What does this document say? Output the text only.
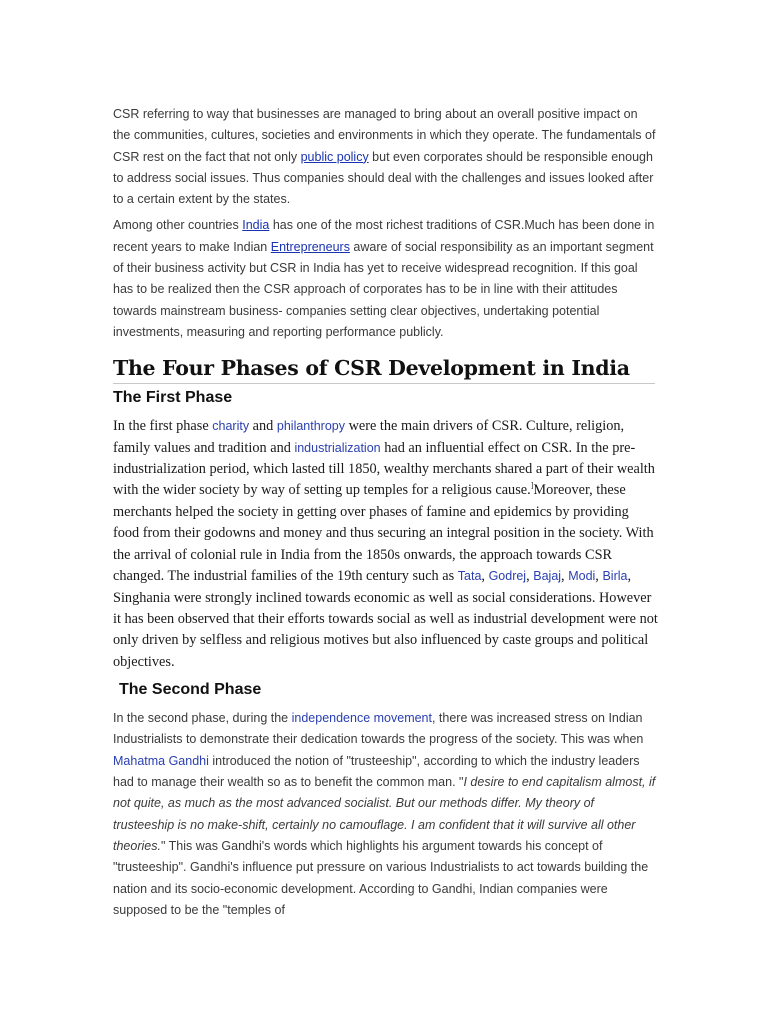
CSR referring to way that businesses are managed to bring about an overall positive impact on the communities, cultures, societies and environments in which they operate. The fundamentals of CSR rest on the fact that not only public policy but even corporates should be responsible enough to address social issues. Thus companies should deal with the challenges and issues looked after to a certain extent by the states.

Among other countries India has one of the most richest traditions of CSR.Much has been done in recent years to make Indian Entrepreneurs aware of social responsibility as an important segment of their business activity but CSR in India has yet to receive widespread recognition. If this goal has to be realized then the CSR approach of corporates has to be in line with their attitudes towards mainstream business- companies setting clear objectives, undertaking potential investments, measuring and reporting performance publicly.

The Four Phases of CSR Development in India
The First Phase

In the first phase charity and philanthropy were the main drivers of CSR. Culture, religion, family values and tradition and industrialization had an influential effect on CSR. In the pre-industrialization period, which lasted till 1850, wealthy merchants shared a part of their wealth with the wider society by way of setting up temples for a religious cause.]Moreover, these merchants helped the society in getting over phases of famine and epidemics by providing food from their godowns and money and thus securing an integral position in the society. With the arrival of colonial rule in India from the 1850s onwards, the approach towards CSR changed. The industrial families of the 19th century such as Tata, Godrej, Bajaj, Modi, Birla, Singhania were strongly inclined towards economic as well as social considerations. However it has been observed that their efforts towards social as well as industrial development were not only driven by selfless and religious motives but also influenced by caste groups and political objectives.

The Second Phase

In the second phase, during the independence movement, there was increased stress on Indian Industrialists to demonstrate their dedication towards the progress of the society. This was when Mahatma Gandhi introduced the notion of "trusteeship", according to which the industry leaders had to manage their wealth so as to benefit the common man. "I desire to end capitalism almost, if not quite, as much as the most advanced socialist. But our methods differ. My theory of trusteeship is no make-shift, certainly no camouflage. I am confident that it will survive all other theories." This was Gandhi's words which highlights his argument towards his concept of "trusteeship". Gandhi's influence put pressure on various Industrialists to act towards building the nation and its socio-economic development. According to Gandhi, Indian companies were supposed to be the "temples of
